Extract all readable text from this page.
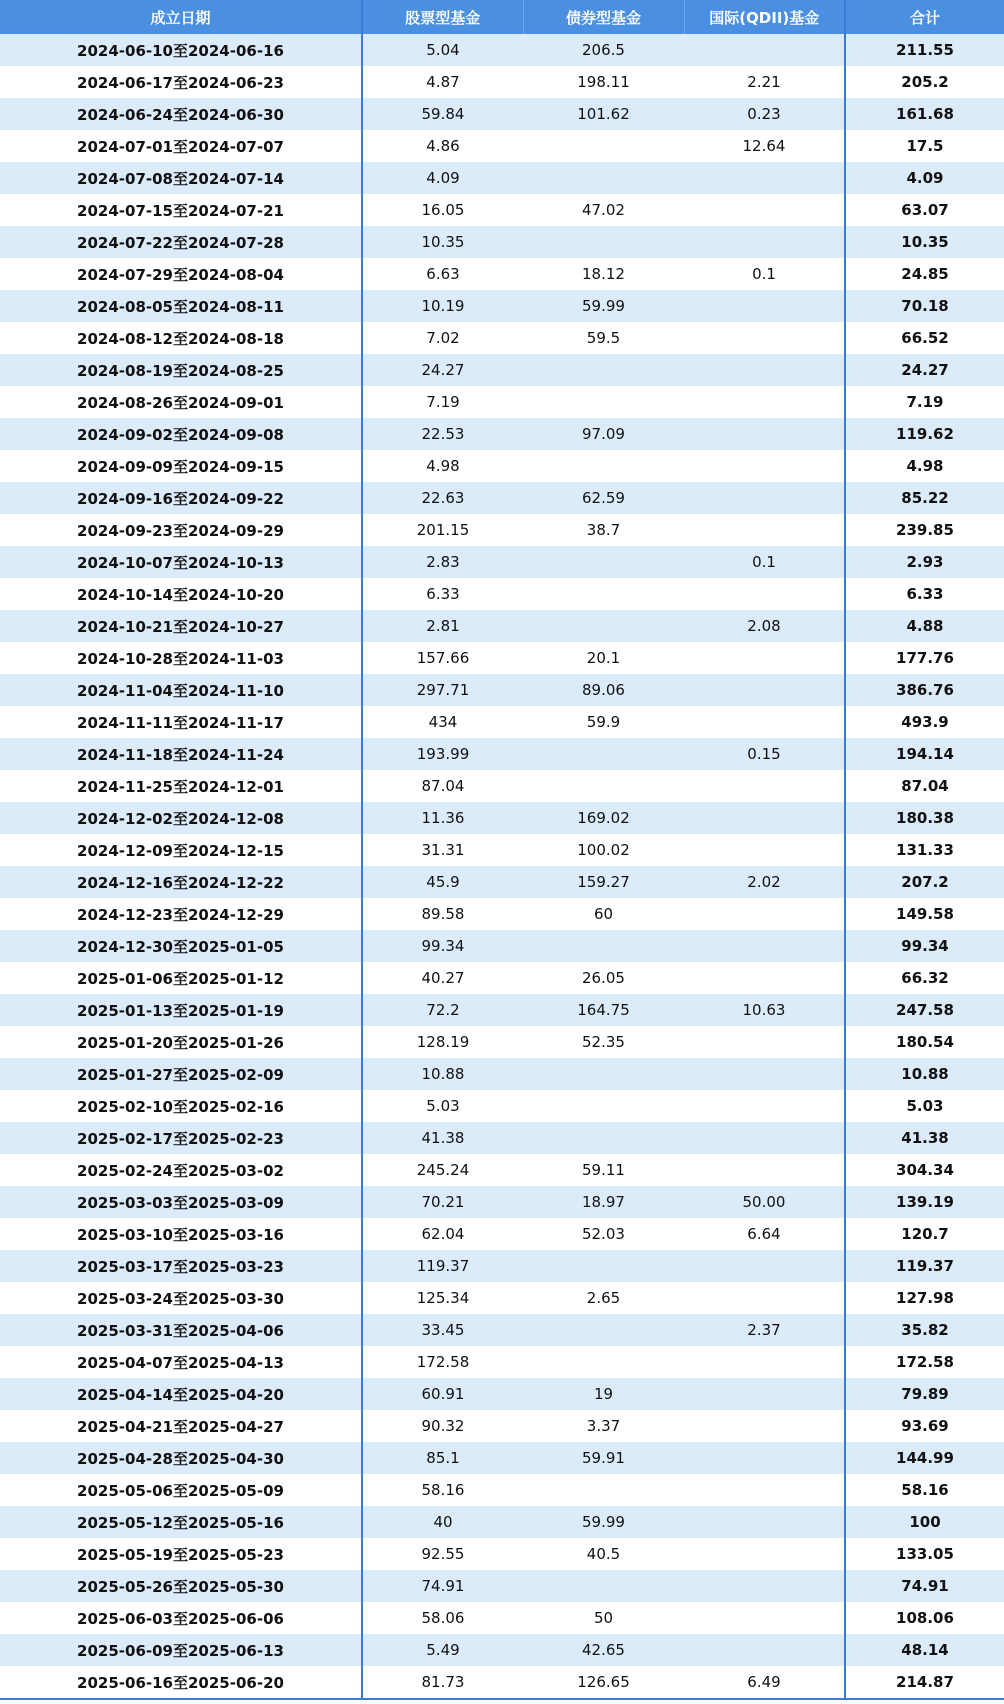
成立日期	股票型基金	债券型基金	国际(QDII)基金	合计
2024-06-10至2024-06-16	5.04	206.5		211.55
2024-06-17至2024-06-23	4.87	198.11	2.21	205.2
2024-06-24至2024-06-30	59.84	101.62	0.23	161.68
2024-07-01至2024-07-07	4.86		12.64	17.5
2024-07-08至2024-07-14	4.09			4.09
2024-07-15至2024-07-21	16.05	47.02		63.07
2024-07-22至2024-07-28	10.35			10.35
2024-07-29至2024-08-04	6.63	18.12	0.1	24.85
2024-08-05至2024-08-11	10.19	59.99		70.18
2024-08-12至2024-08-18	7.02	59.5		66.52
2024-08-19至2024-08-25	24.27			24.27
2024-08-26至2024-09-01	7.19			7.19
2024-09-02至2024-09-08	22.53	97.09		119.62
2024-09-09至2024-09-15	4.98			4.98
2024-09-16至2024-09-22	22.63	62.59		85.22
2024-09-23至2024-09-29	201.15	38.7		239.85
2024-10-07至2024-10-13	2.83		0.1	2.93
2024-10-14至2024-10-20	6.33			6.33
2024-10-21至2024-10-27	2.81		2.08	4.88
2024-10-28至2024-11-03	157.66	20.1		177.76
2024-11-04至2024-11-10	297.71	89.06		386.76
2024-11-11至2024-11-17	434	59.9		493.9
2024-11-18至2024-11-24	193.99		0.15	194.14
2024-11-25至2024-12-01	87.04			87.04
2024-12-02至2024-12-08	11.36	169.02		180.38
2024-12-09至2024-12-15	31.31	100.02		131.33
2024-12-16至2024-12-22	45.9	159.27	2.02	207.2
2024-12-23至2024-12-29	89.58	60		149.58
2024-12-30至2025-01-05	99.34			99.34
2025-01-06至2025-01-12	40.27	26.05		66.32
2025-01-13至2025-01-19	72.2	164.75	10.63	247.58
2025-01-20至2025-01-26	128.19	52.35		180.54
2025-01-27至2025-02-09	10.88			10.88
2025-02-10至2025-02-16	5.03			5.03
2025-02-17至2025-02-23	41.38			41.38
2025-02-24至2025-03-02	245.24	59.11		304.34
2025-03-03至2025-03-09	70.21	18.97	50.00	139.19
2025-03-10至2025-03-16	62.04	52.03	6.64	120.7
2025-03-17至2025-03-23	119.37			119.37
2025-03-24至2025-03-30	125.34	2.65		127.98
2025-03-31至2025-04-06	33.45		2.37	35.82
2025-04-07至2025-04-13	172.58			172.58
2025-04-14至2025-04-20	60.91	19		79.89
2025-04-21至2025-04-27	90.32	3.37		93.69
2025-04-28至2025-04-30	85.1	59.91		144.99
2025-05-06至2025-05-09	58.16			58.16
2025-05-12至2025-05-16	40	59.99		100
2025-05-19至2025-05-23	92.55	40.5		133.05
2025-05-26至2025-05-30	74.91			74.91
2025-06-03至2025-06-06	58.06	50		108.06
2025-06-09至2025-06-13	5.49	42.65		48.14
2025-06-16至2025-06-20	81.73	126.65	6.49	214.87
